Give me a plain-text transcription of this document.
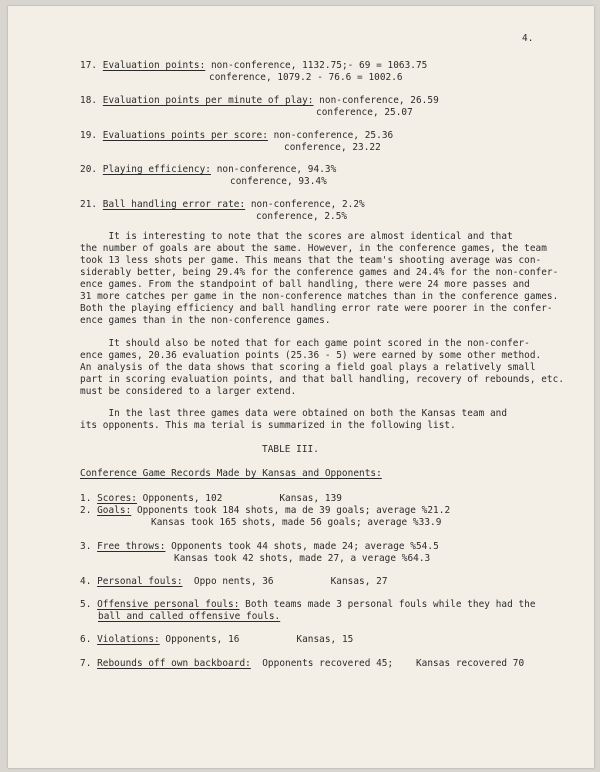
4.

17. Evaluation points: non-conference, 1132.75;- 69 = 1063.75

conference, 1079.2 - 76.6 = 1002.6

18. Evaluation points per minute of play: non-conference, 26.59

conference, 25.07

19. Evaluations points per score: non-conference, 25.36

conference, 23.22

20. Playing efficiency: non-conference, 94.3%

conference, 93.4%

21. Ball handling error rate: non-conference, 2.2%

conference, 2.5%

It is interesting to note that the scores are almost identical and that

the number of goals are about the same. However, in the conference games, the team

took 13 less shots per game. This means that the team's shooting average was con-

siderably better, being 29.4% for the conference games and 24.4% for the non-confer-

ence games. From the standpoint of ball handling, there were 24 more passes and

31 more catches per game in the non-conference matches than in the conference games.

Both the playing efficiency and ball handling error rate were poorer in the confer-

ence games than in the non-conference games.

It should also be noted that for each game point scored in the non-confer-

ence games, 20.36 evaluation points (25.36 - 5) were earned by some other method.

An analysis of the data shows that scoring a field goal plays a relatively small

part in scoring evaluation points, and that ball handling, recovery of rebounds, etc.

must be considered to a larger extend.

In the last three games data were obtained on both the Kansas team and

its opponents. This ma terial is summarized in the following list.

TABLE III.

Conference Game Records Made by Kansas and Opponents:

1. Scores: Opponents, 102          Kansas, 139

2. Goals: Opponents took 184 shots, ma de 39 goals; average %21.2

Kansas took 165 shots, made 56 goals; average %33.9

3. Free throws: Opponents took 44 shots, made 24; average %54.5

Kansas took 42 shots, made 27, a verage %64.3

4. Personal fouls:  Oppo nents, 36          Kansas, 27

5. Offensive personal fouls: Both teams made 3 personal fouls while they had the

ball and called offensive fouls.

6. Violations: Opponents, 16          Kansas, 15

7. Rebounds off own backboard:  Opponents recovered 45;    Kansas recovered 70
